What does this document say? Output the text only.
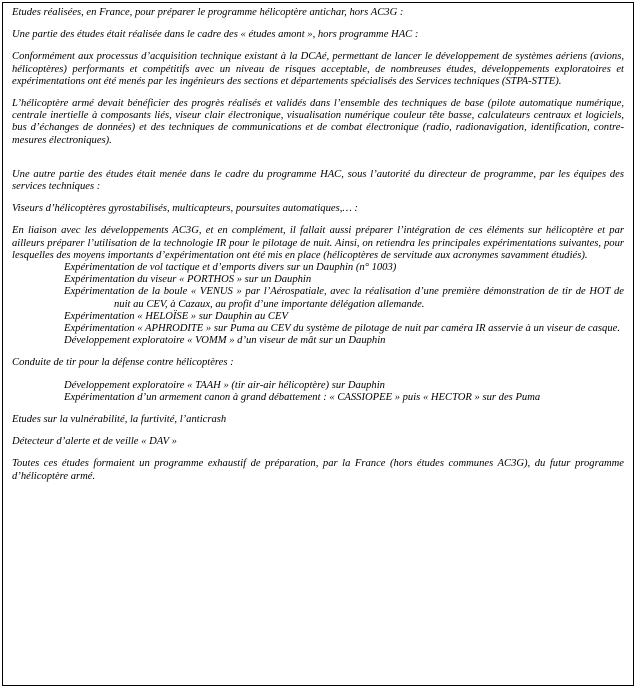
Etudes réalisées, en France, pour préparer le programme hélicoptère antichar, hors AC3G :

Une partie des études était réalisée dans le cadre des « études amont », hors programme HAC :

Conformément aux processus d’acquisition technique existant à la DCAé, permettant de lancer le développement de systèmes aériens (avions, hélicoptères) performants et compétitifs avec un niveau de risques acceptable, de nombreuses études, développements exploratoires et expérimentations ont été menés par les ingénieurs des sections et départements spécialisés des Services techniques (STPA-STTE).

L’hélicoptère armé devait bénéficier des progrès réalisés et validés dans l’ensemble des techniques de base (pilote automatique numérique, centrale inertielle à composants liés, viseur clair électronique, visualisation numérique couleur tête basse, calculateurs centraux et logiciels, bus d’échanges de données) et des techniques de communications et de combat électronique (radio, radionavigation, identification, contre-mesures électroniques).

Une autre partie des études était menée dans le cadre du programme HAC, sous l’autorité du directeur de programme, par les équipes des services techniques :

Viseurs d’hélicoptères gyrostabilisés, multicapteurs, poursuites automatiques,… :

En liaison avec les développements AC3G, et en complément, il fallait aussi préparer l’intégration de ces éléments sur hélicoptère et par ailleurs préparer l’utilisation de la technologie IR pour le pilotage de nuit. Ainsi, on retiendra les principales expérimentations suivantes, pour lesquelles des moyens importants d’expérimentation ont été mis en place (hélicoptères de servitude aux acronymes savamment étudiés).

Expérimentation de vol tactique et d’emports divers sur un Dauphin (n° 1003)

Expérimentation du viseur « PORTHOS » sur un Dauphin

Expérimentation de la boule « VENUS » par l’Aérospatiale, avec la réalisation d’une première démonstration de tir de HOT de nuit au CEV, à Cazaux, au profit d’une importante délégation allemande.

Expérimentation « HELOÏSE » sur Dauphin au CEV

Expérimentation « APHRODITE » sur Puma au CEV du système de pilotage de nuit par caméra IR asservie à un viseur de casque.

Développement exploratoire « VOMM » d’un viseur de mât sur un Dauphin

Conduite de tir pour la défense contre hélicoptères :

Développement exploratoire « TAAH » (tir air-air hélicoptère) sur Dauphin

Expérimentation d’un armement canon à grand débattement : « CASSIOPEE » puis « HECTOR » sur des Puma

Etudes sur la vulnérabilité, la furtivité, l’anticrash

Détecteur d’alerte et de veille « DAV »

Toutes ces études formaient un programme exhaustif de préparation, par la France (hors études communes AC3G), du futur programme d’hélicoptère armé.
